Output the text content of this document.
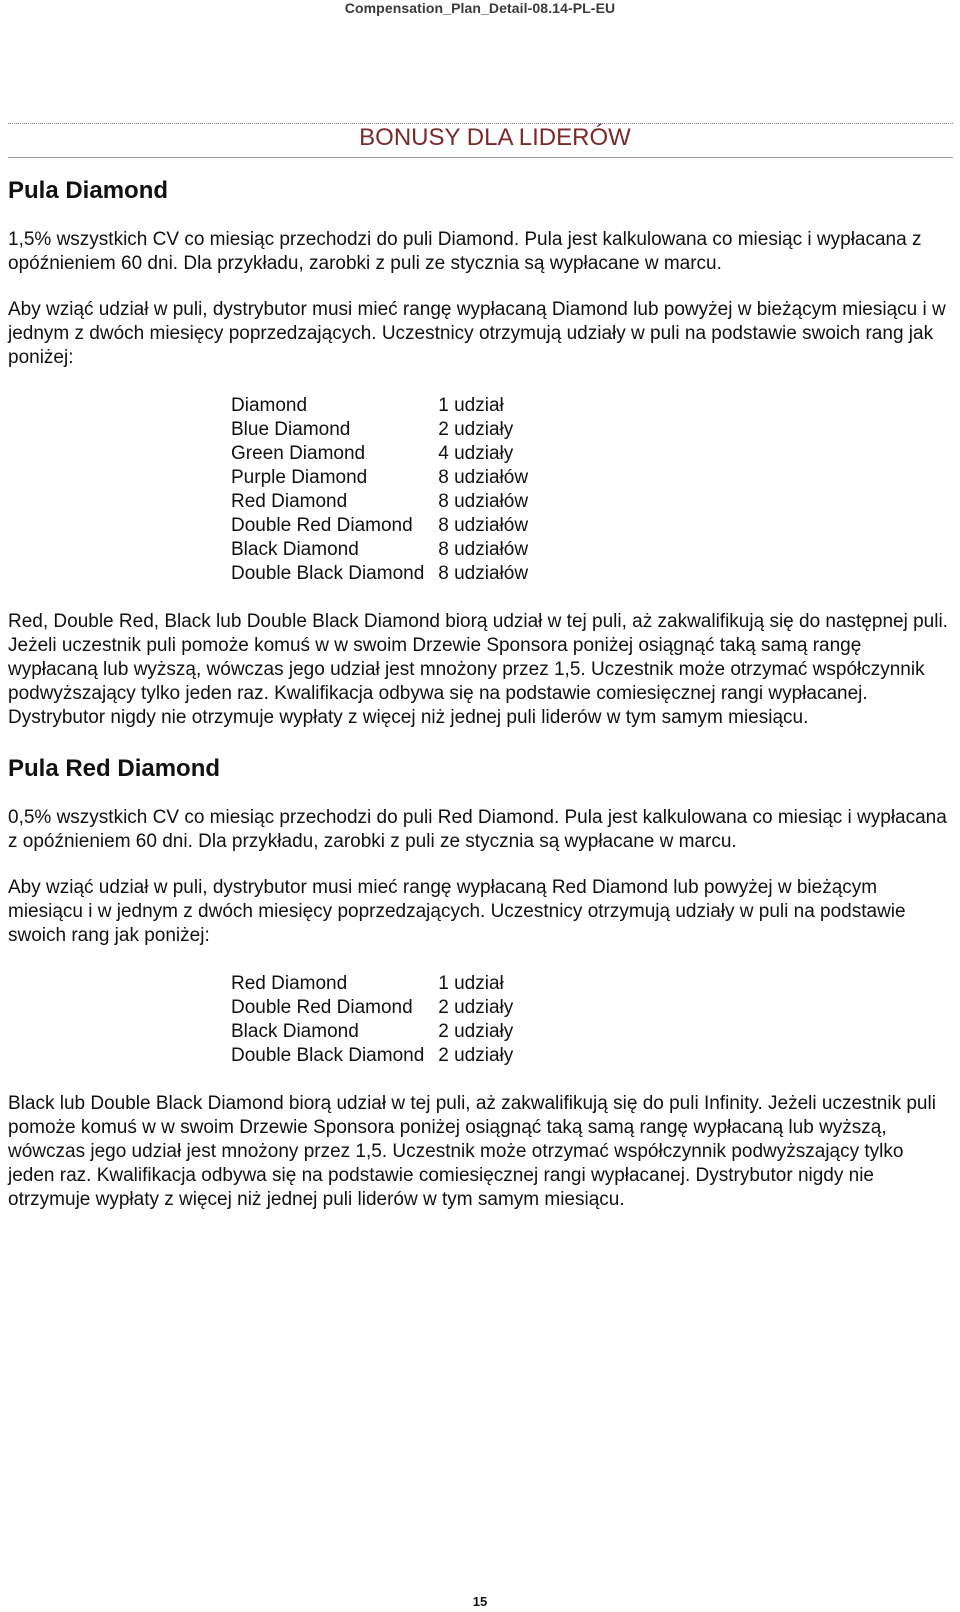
Compensation_Plan_Detail-08.14-PL-EU
BONUSY DLA LIDERÓW
Pula Diamond

1,5% wszystkich CV co miesiąc przechodzi do puli Diamond. Pula jest kalkulowana co miesiąc i wypłacana z opóźnieniem 60 dni. Dla przykładu, zarobki z puli ze stycznia są wypłacane w marcu.

Aby wziąć udział w puli, dystrybutor musi mieć rangę wypłacaną Diamond lub powyżej w bieżącym miesiącu i w jednym z dwóch miesięcy poprzedzających. Uczestnicy otrzymują udziały w puli na podstawie swoich rang jak poniżej:

Diamond	1 udział
Blue Diamond	2 udziały
Green Diamond	4 udziały
Purple Diamond	8 udziałów
Red Diamond	8 udziałów
Double Red Diamond	8 udziałów
Black Diamond	8 udziałów
Double Black Diamond	8 udziałów

Red, Double Red, Black lub Double Black Diamond biorą udział w tej puli, aż zakwalifikują się do następnej puli. Jeżeli uczestnik puli pomoże komuś w w swoim Drzewie Sponsora poniżej osiągnąć taką samą rangę wypłacaną lub wyższą, wówczas jego udział jest mnożony przez 1,5. Uczestnik może otrzymać współczynnik podwyższający tylko jeden raz. Kwalifikacja odbywa się na podstawie comiesięcznej rangi wypłacanej. Dystrybutor nigdy nie otrzymuje wypłaty z więcej niż jednej puli liderów w tym samym miesiącu.

Pula Red Diamond

0,5% wszystkich CV co miesiąc przechodzi do puli Red Diamond. Pula jest kalkulowana co miesiąc i wypłacana z opóźnieniem 60 dni. Dla przykładu, zarobki z puli ze stycznia są wypłacane w marcu.

Aby wziąć udział w puli, dystrybutor musi mieć rangę wypłacaną Red Diamond lub powyżej w bieżącym miesiącu i w jednym z dwóch miesięcy poprzedzających. Uczestnicy otrzymują udziały w puli na podstawie swoich rang jak poniżej:

Red Diamond	1 udział
Double Red Diamond	2 udziały
Black Diamond	2 udziały
Double Black Diamond	2 udziały

Black lub Double Black Diamond biorą udział w tej puli, aż zakwalifikują się do puli Infinity. Jeżeli uczestnik puli pomoże komuś w w swoim Drzewie Sponsora poniżej osiągnąć taką samą rangę wypłacaną lub wyższą, wówczas jego udział jest mnożony przez 1,5. Uczestnik może otrzymać współczynnik podwyższający tylko jeden raz. Kwalifikacja odbywa się na podstawie comiesięcznej rangi wypłacanej. Dystrybutor nigdy nie otrzymuje wypłaty z więcej niż jednej puli liderów w tym samym miesiącu.

15
